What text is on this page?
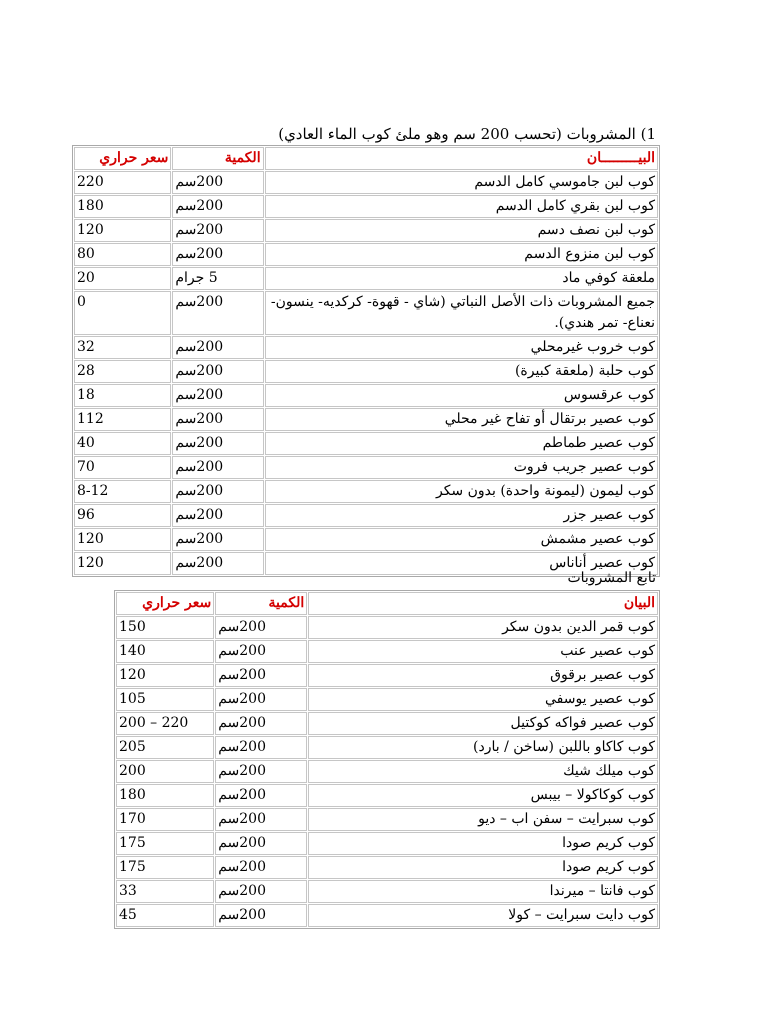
1) المشروبات (تحسب 200 سم وهو ملئ كوب الماء العادي)
البيـــــــــان	الكمية	سعر حراري
كوب لبن جاموسي كامل الدسم	200سم	220
كوب لبن بقري كامل الدسم	200سم	180
كوب لبن نصف دسم	200سم	120
كوب لبن منزوع الدسم	200سم	80
ملعقة كوفي ماد	5 جرام	20
جميع المشروبات ذات الأصل النباتي (شاي - قهوة- كركديه- ينسون- نعناع- تمر هندي).	200سم	0
كوب خروب غيرمحلي	200سم	32
كوب حلبة (ملعقة كبيرة)	200سم	28
كوب عرقسوس	200سم	18
كوب عصير برتقال أو تفاح غير محلي	200سم	112
كوب عصير طماطم	200سم	40
كوب عصير جريب فروت	200سم	70
كوب ليمون (ليمونة واحدة) بدون سكر	200سم	8-12
كوب عصير جزر	200سم	96
كوب عصير مشمش	200سم	120
كوب عصير أناناس	200سم	120
تابع المشروبات
البيان	الكمية	سعر حراري
كوب قمر الدين بدون سكر	200سم	150
كوب عصير عنب	200سم	140
كوب عصير برقوق	200سم	120
كوب عصير يوسفي	200سم	105
كوب عصير فواكه كوكتيل	200سم	200 – 220
كوب كاكاو باللبن (ساخن / بارد)	200سم	205
كوب ميلك شيك	200سم	200
كوب كوكاكولا – بيبس	200سم	180
كوب سبرايت – سفن اب – ديو	200سم	170
كوب كريم صودا	200سم	175
كوب كريم صودا	200سم	175
كوب فانتا – ميرندا	200سم	33
كوب دايت سبرايت – كولا	200سم	45
